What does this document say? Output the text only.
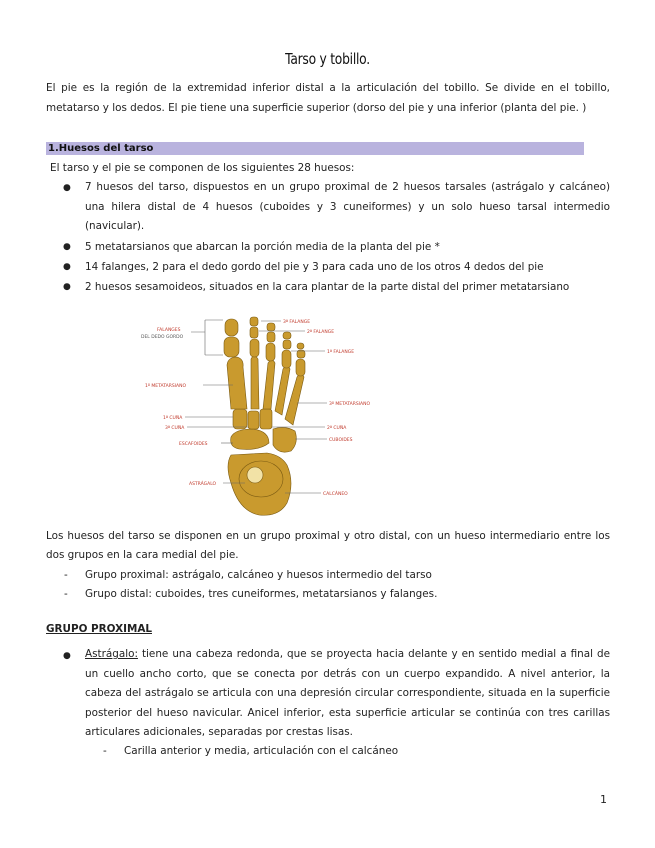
Tarso y tobillo.
El pie es la región de la extremidad inferior distal a la articulación del tobillo. Se divide en el tobillo, metatarso y los dedos. El pie tiene una superficie superior (dorso del pie y una inferior (planta del pie. )
1.Huesos del tarso
El tarso y el pie se componen de los siguientes 28 huesos:
● 7 huesos del tarso, dispuestos en un grupo proximal de 2 huesos tarsales (astrágalo y calcáneo) una hilera distal de 4 huesos (cuboides y 3 cuneiformes) y un solo hueso tarsal intermedio (navicular).
● 5 metatarsianos que abarcan la porción media de la planta del pie *
● 14 falanges, 2 para el dedo gordo del pie y 3 para cada uno de los otros 4 dedos del pie
● 2 huesos sesamoideos, situados en la cara plantar de la parte distal del primer metatarsiano
FALANGES
DEL DEDO GORDO
3ª FALANGE
2ª FALANGE
1ª FALANGE
1º METATARSIANO
3º METATARSIANO
1ª CUÑA
3ª CUÑA	2ª CUÑA
ESCAFOIDES
CUBOIDES
ASTRÁGALO
CALCÁNEO
Los huesos del tarso se disponen en un grupo proximal y otro distal, con un hueso intermediario entre los dos grupos en la cara medial del pie.
- Grupo proximal: astrágalo, calcáneo y huesos intermedio del tarso
- Grupo distal: cuboides, tres cuneiformes, metatarsianos y falanges.
GRUPO PROXIMAL
● Astrágalo: tiene una cabeza redonda, que se proyecta hacia delante y en sentido medial a final de un cuello ancho corto, que se conecta por detrás con un cuerpo expandido. A nivel anterior, la cabeza del astrágalo se articula con una depresión circular correspondiente, situada en la superficie posterior del hueso navicular. Anicel inferior, esta superficie articular se continúa con tres carillas articulares adicionales, separadas por crestas lisas.
- Carilla anterior y media, articulación con el calcáneo
1
